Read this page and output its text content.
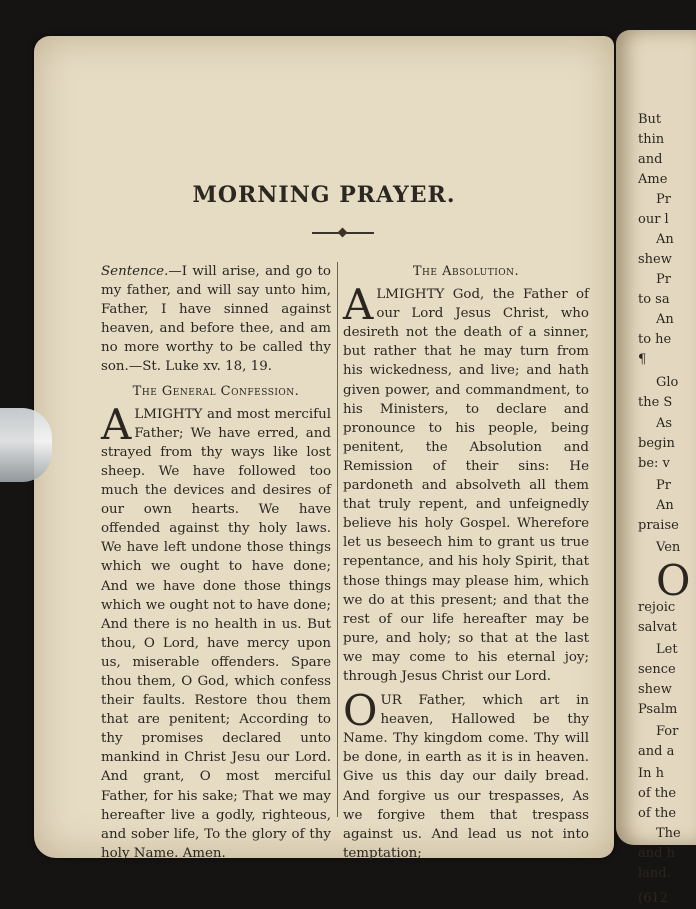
MORNING PRAYER.

Sentence.—I will arise, and go to my father, and will say unto him, Father, I have sinned against heaven, and before thee, and am no more worthy to be called thy son.—St. Luke xv. 18, 19.

The General Confession.

ALMIGHTY and most merciful Father; We have erred, and strayed from thy ways like lost sheep. We have followed too much the devices and desires of our own hearts. We have offended against thy holy laws. We have left undone those things which we ought to have done; And we have done those things which we ought not to have done; And there is no health in us. But thou, O Lord, have mercy upon us, miserable offenders. Spare thou them, O God, which confess their faults. Restore thou them that are penitent; According to thy promises declared unto mankind in Christ Jesu our Lord. And grant, O most merciful Father, for his sake; That we may hereafter live a godly, righteous, and sober life, To the glory of thy holy Name. Amen.

The Absolution.

ALMIGHTY God, the Father of our Lord Jesus Christ, who desireth not the death of a sinner, but rather that he may turn from his wickedness, and live; and hath given power, and commandment, to his Ministers, to declare and pronounce to his people, being penitent, the Absolution and Remission of their sins: He pardoneth and absolveth all them that truly repent, and unfeignedly believe his holy Gospel. Wherefore let us beseech him to grant us true repentance, and his holy Spirit, that those things may please him, which we do at this present; and that the rest of our life hereafter may be pure, and holy; so that at the last we may come to his eternal joy; through Jesus Christ our Lord.

OUR Father, which art in heaven, Hallowed be thy Name. Thy kingdom come. Thy will be done, in earth as it is in heaven. Give us this day our daily bread. And forgive us our trespasses, As we forgive them that trespass against us. And lead us not into temptation;

But
thin
and
Ame
Pr
our l
An
shew
Pr
to sa
An
to he
¶
Glo
the S
As
begin
be: v
Pr
An
praise
Ven
O
rejoic
salvat
Let
sence
shew
Psalm
For
and a
In h
of the
of the
The
and h
land.
(612
